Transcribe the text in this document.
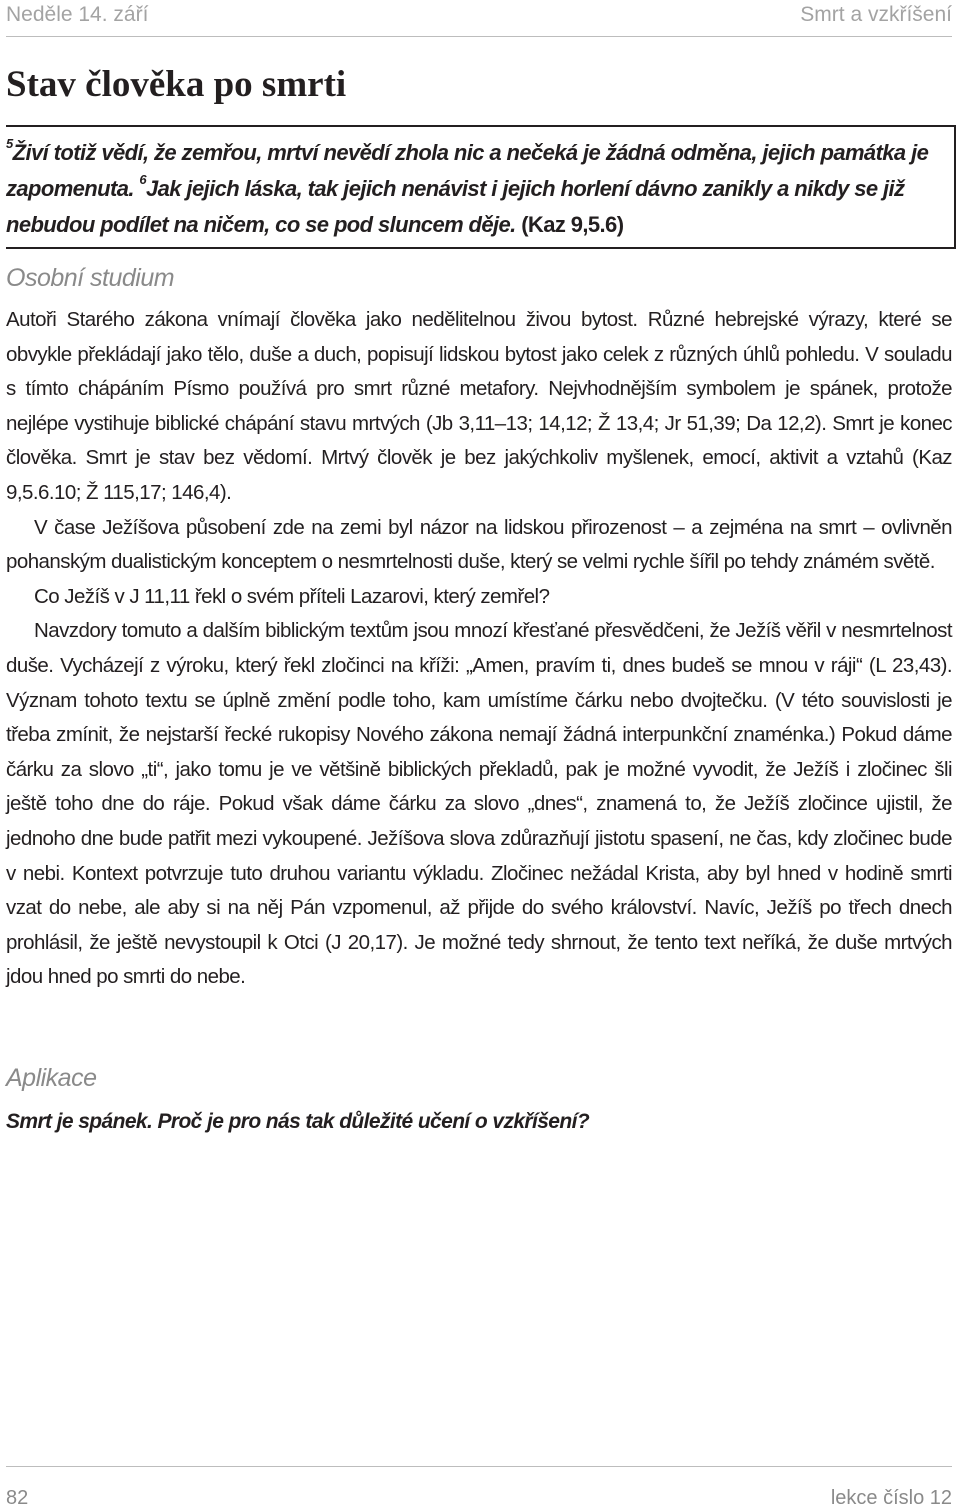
Neděle 14. září	Smrt a vzkříšení
Stav člověka po smrti
$^5$Živí totiž vědí, že zemřou, mrtví nevědí zhola nic a nečeká je žádná odměna, jejich památka je zapomenuta. $^6$Jak jejich láska, tak jejich nenávist i jejich horlení dávno zanikly a nikdy se již nebudou podílet na ničem, co se pod sluncem děje. (Kaz 9,5.6)
Osobní studium

Autoři Starého zákona vnímají člověka jako nedělitelnou živou bytost. Různé hebrejské výrazy, které se obvykle překládají jako tělo, duše a duch, popisují lidskou bytost jako celek z různých úhlů pohledu. V souladu s tímto chápáním Písmo používá pro smrt různé metafory. Nejvhodnějším symbolem je spánek, protože nejlépe vystihuje biblické chápání stavu mrtvých (Jb 3,11–13; 14,12; Ž 13,4; Jr 51,39; Da 12,2). Smrt je konec člověka. Smrt je stav bez vědomí. Mrtvý člověk je bez jakýchkoliv myšlenek, emocí, aktivit a vztahů (Kaz 9,5.6.10; Ž 115,17; 146,4).

V čase Ježíšova působení zde na zemi byl názor na lidskou přirozenost – a zejména na smrt – ovlivněn pohanským dualistickým konceptem o nesmrtelnosti duše, který se velmi rychle šířil po tehdy známém světě.

Co Ježíš v J 11,11 řekl o svém příteli Lazarovi, který zemřel?

Navzdory tomuto a dalším biblickým textům jsou mnozí křesťané přesvědčeni, že Ježíš věřil v nesmrtelnost duše. Vycházejí z výroku, který řekl zločinci na kříži: „Amen, pravím ti, dnes budeš se mnou v ráji“ (L 23,43). Význam tohoto textu se úplně změní podle toho, kam umístíme čárku nebo dvojtečku. (V této souvislosti je třeba zmínit, že nejstarší řecké rukopisy Nového zákona nemají žádná interpunkční znaménka.) Pokud dáme čárku za slovo „ti“, jako tomu je ve většině biblických překladů, pak je možné vyvodit, že Ježíš i zločinec šli ještě toho dne do ráje. Pokud však dáme čárku za slovo „dnes“, znamená to, že Ježíš zločince ujistil, že jednoho dne bude patřit mezi vykoupené. Ježíšova slova zdůrazňují jistotu spasení, ne čas, kdy zločinec bude v nebi. Kontext potvrzuje tuto druhou variantu výkladu. Zločinec nežádal Krista, aby byl hned v hodině smrti vzat do nebe, ale aby si na něj Pán vzpomenul, až přijde do svého království. Navíc, Ježíš po třech dnech prohlásil, že ještě nevystoupil k Otci (J 20,17). Je možné tedy shrnout, že tento text neříká, že duše mrtvých jdou hned po smrti do nebe.

Aplikace

Smrt je spánek. Proč je pro nás tak důležité učení o vzkříšení?

82	lekce číslo 12
